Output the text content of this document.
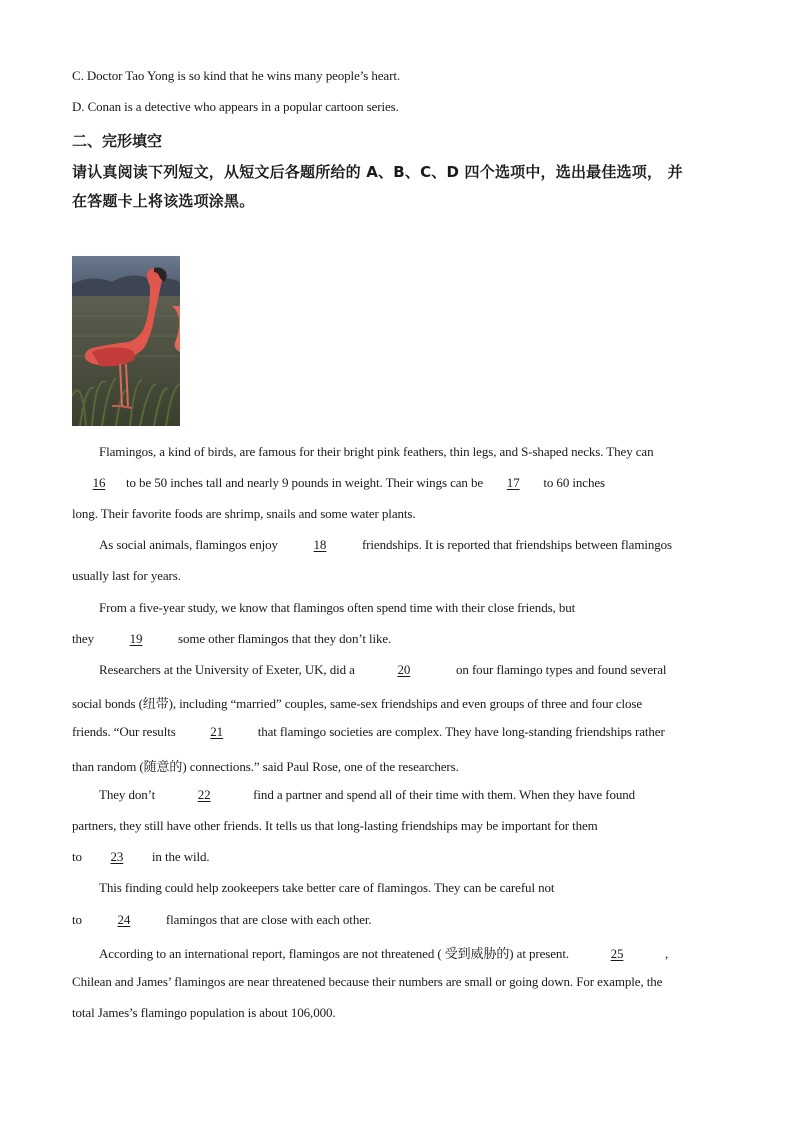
C. Doctor Tao Yong is so kind that he wins many people’s heart.
D. Conan is a detective who appears in a popular cartoon series.
二、完形填空
请认真阅读下列短文，从短文后各题所给的 A、B、C、D 四个选项中，选出最佳选项， 并
在答题卡上将该选项涂黑。
Flamingos, a kind of birds, are famous for their bright pink feathers, thin legs, and S-shaped necks. They can
16 to be 50 inches tall and nearly 9 pounds in weight. Their wings can be 17 to 60 inches
long. Their favorite foods are shrimp, snails and some water plants.
As social animals, flamingos enjoy	18	friendships. It is reported that friendships between flamingos
usually last for years.
From a five-year study, we know that flamingos often spend time with their close friends, but
they	19	some other flamingos that they don’t like.
Researchers at the University of Exeter, UK, did a	20	on four flamingo types and found several
social bonds (纽带), including “married” couples, same-sex friendships and even groups of three and four close
friends. “Our results	21	that flamingo societies are complex. They have long-standing friendships rather
than random (随意的) connections.” said Paul Rose, one of the researchers.
They don’t	22	find a partner and spend all of their time with them. When they have found
partners, they still have other friends. It tells us that long-lasting friendships may be important for them
to 23 in the wild.
This finding could help zookeepers take better care of flamingos. They can be careful not
to	24	flamingos that are close with each other.
According to an international report, flamingos are not threatened ( 受到威胁的) at present.	25	,
Chilean and James’ flamingos are near threatened because their numbers are small or going down. For example, the
total James’s flamingo population is about 106,000.
